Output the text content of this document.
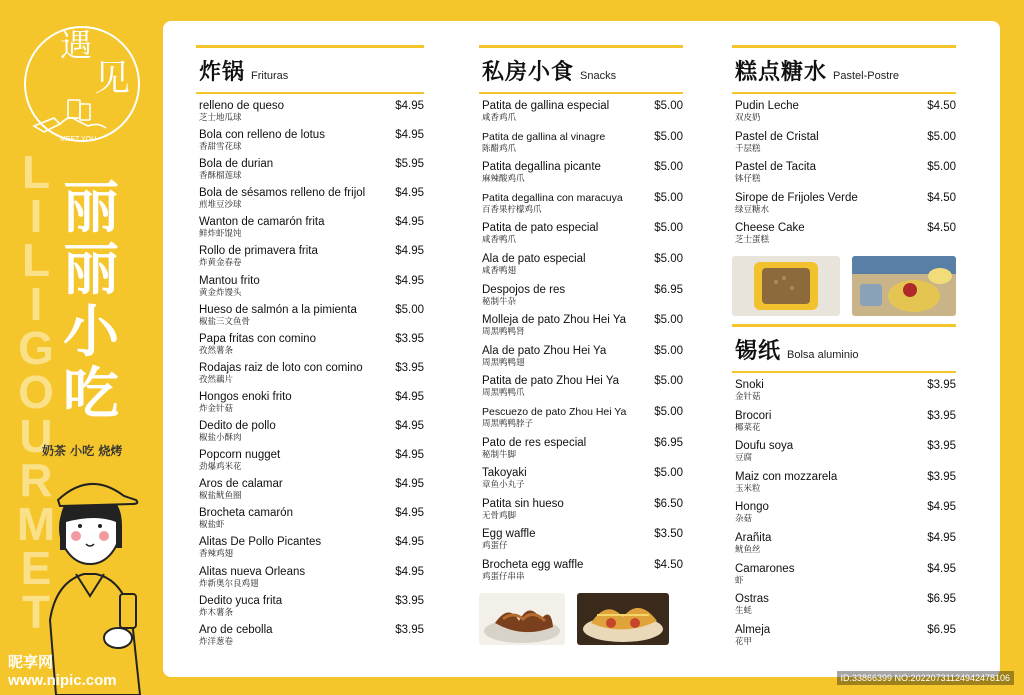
L
I
L
I
G
O
U
R
M
E
T
遇
见
MEET YOU
丽
丽
小
吃
奶茶 小吃 烧烤
昵享网 www.nipic.com
炸锅 Frituras
relleno de queso
芝士地瓜球
$4.95
Bola con relleno de lotus
香甜雪花球
$4.95
Bola de durian
香酥榴莲球
$5.95
Bola de sésamos relleno de frijol
煎堆豆沙球
$4.95
Wanton de camarón frita
鲜炸虾馄饨
$4.95
Rollo de primavera frita
炸黄金春卷
$4.95
Mantou frito
黄金炸馒头
$4.95
Hueso de salmón a la pimienta
椒盐三文鱼骨
$5.00
Papa fritas con comino
孜然薯条
$3.95
Rodajas raiz de loto con comino
孜然藕片
$3.95
Hongos enoki frito
炸金针菇
$4.95
Dedito de pollo
椒盐小酥肉
$4.95
Popcorn nugget
劲爆鸡米花
$4.95
Aros de calamar
椒盐鱿鱼圈
$4.95
Brocheta camarón
椒盐虾
$4.95
Alitas De Pollo Picantes
香辣鸡翅
$4.95
Alitas nueva Orleans
炸新奥尔良鸡翅
$4.95
Dedito yuca frita
炸木薯条
$3.95
Aro de cebolla
炸洋葱卷
$3.95
私房小食 Snacks
Patita de gallina especial
咸香鸡爪
$5.00
Patita de gallina al vinagre
陈醋鸡爪
$5.00
Patita degallina picante
麻辣酸鸡爪
$5.00
Patita degallina con maracuya
百香果柠檬鸡爪
$5.00
Patita de pato especial
咸香鸭爪
$5.00
Ala de pato especial
咸香鸭翅
$5.00
Despojos de res
秘制牛杂
$6.95
Molleja de pato Zhou Hei Ya
周黑鸭鸭肾
$5.00
Ala de pato Zhou Hei Ya
周黑鸭鸭翅
$5.00
Patita de pato Zhou Hei Ya
周黑鸭鸭爪
$5.00
Pescuezo de pato Zhou Hei Ya
周黑鸭鸭脖子
$5.00
Pato de res especial
秘制牛脚
$6.95
Takoyaki
章鱼小丸子
$5.00
Patita sin hueso
无骨鸡脚
$6.50
Egg waffle
鸡蛋仔
$3.50
Brocheta egg waffle
鸡蛋仔串串
$4.50
糕点糖水 Pastel-Postre
Pudin Leche
双皮奶
$4.50
Pastel de Cristal
千层糕
$5.00
Pastel de Tacita
钵仔糕
$5.00
Sirope de Frijoles Verde
绿豆糖水
$4.50
Cheese Cake
芝士蛋糕
$4.50
锡纸 Bolsa aluminio
Snoki
金针菇
$3.95
Brocori
椰菜花
$3.95
Doufu soya
豆腐
$3.95
Maiz con mozzarela
玉米粒
$3.95
Hongo
杂菇
$4.95
Arañita
鱿鱼丝
$4.95
Camarones
虾
$4.95
Ostras
生蚝
$6.95
Almeja
花甲
$6.95
ID:33866399 NO:20220731124942478106
